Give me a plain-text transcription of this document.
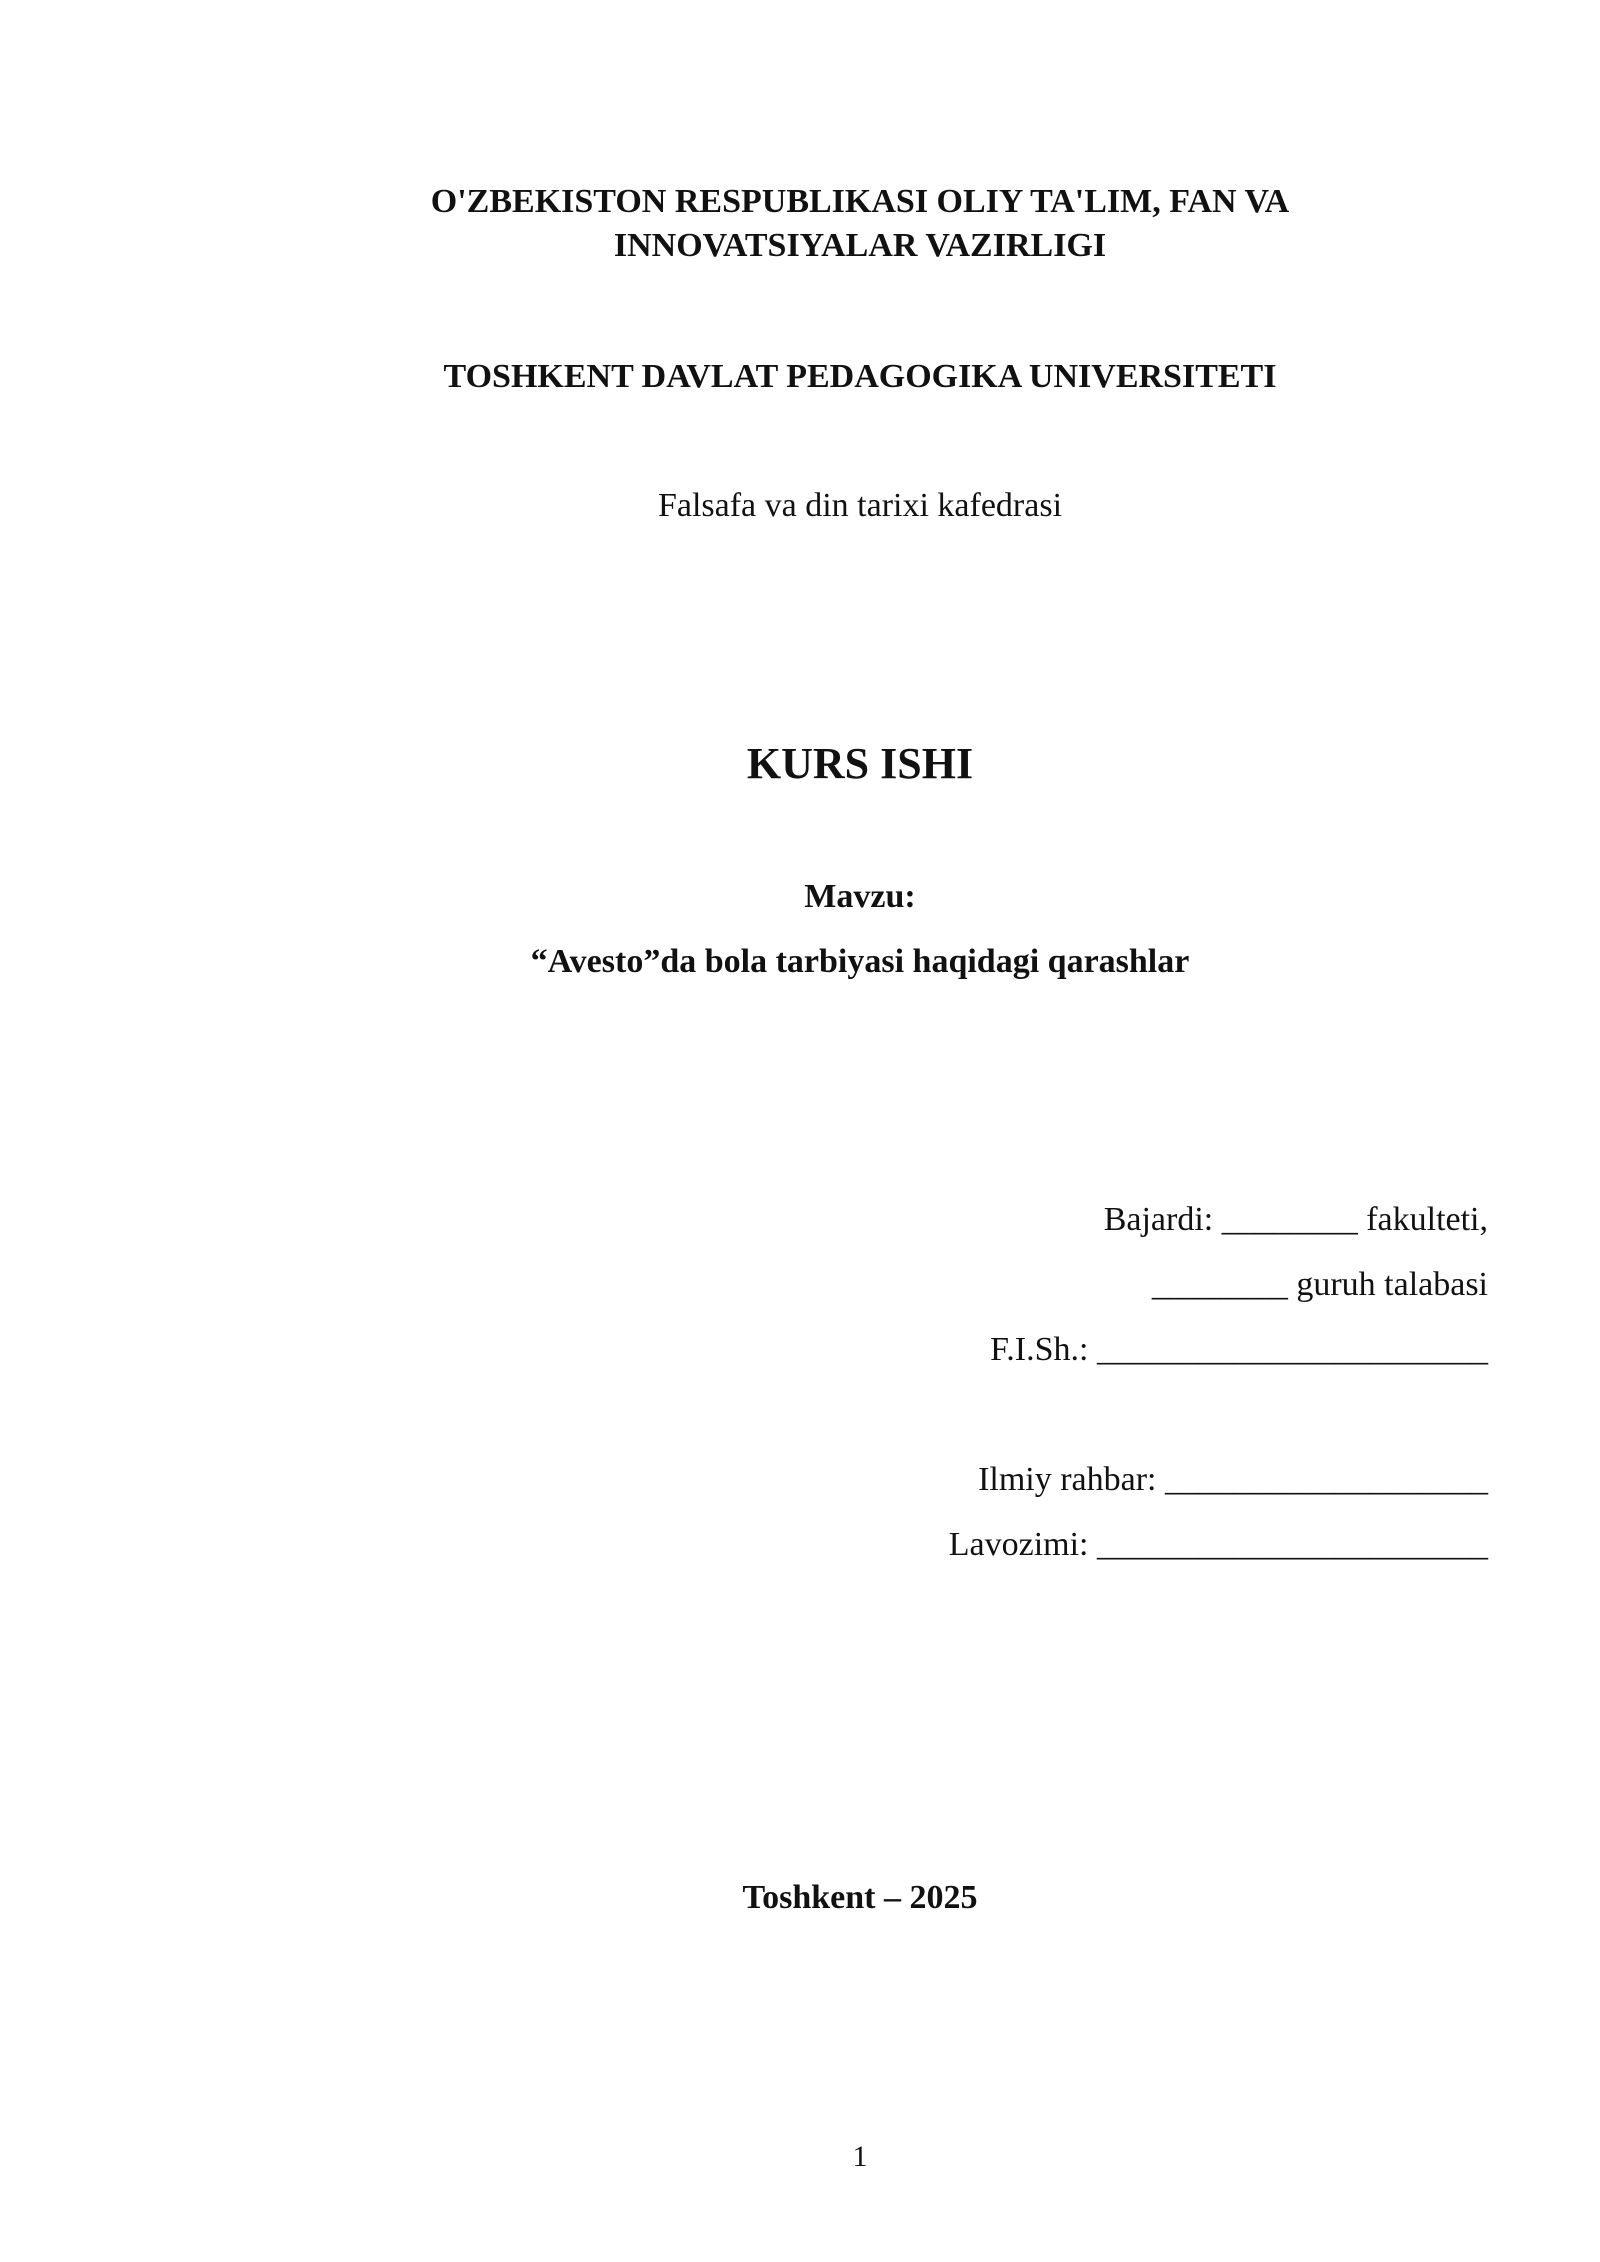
O'ZBEKISTON RESPUBLIKASI OLIY TA'LIM, FAN VA
INNOVATSIYALAR VAZIRLIGI

TOSHKENT DAVLAT PEDAGOGIKA UNIVERSITETI

Falsafa va din tarixi kafedrasi

KURS ISHI

Mavzu:

“Avesto”da bola tarbiyasi haqidagi qarashlar

Bajardi: ________ fakulteti,

________ guruh talabasi

F.I.Sh.: _______________________

Ilmiy rahbar: ___________________

Lavozimi: _______________________

Toshkent – 2025

1
